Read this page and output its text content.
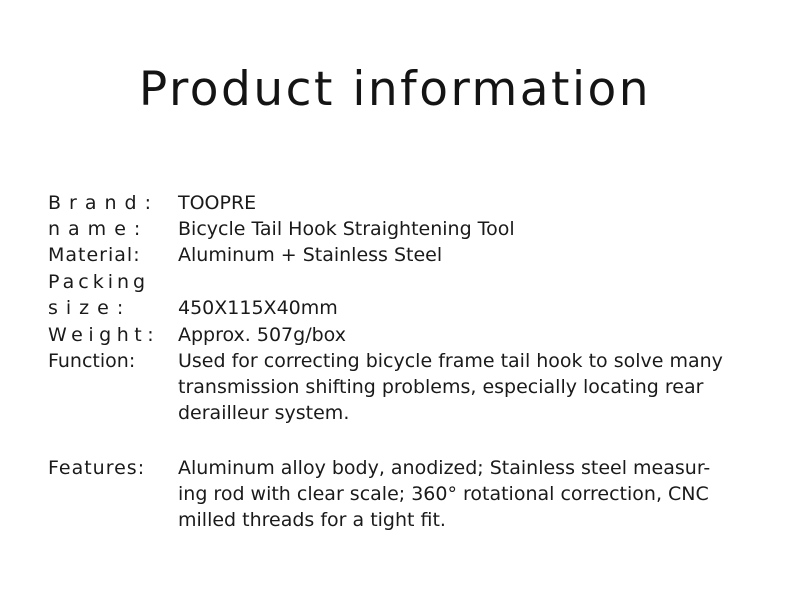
Product information
Brand: TOOPRE
name:	Bicycle Tail Hook Straightening Tool
Material:	Aluminum + Stainless Steel
Packing
size:	450X115X40mm
Weight: Approx. 507g/box
Function:	Used for correcting bicycle frame tail hook to solve many
transmission shifting problems, especially locating rear
derailleur system.
Features:	Aluminum alloy body, anodized; Stainless steel measur-
ing rod with clear scale; 360° rotational correction, CNC
milled threads for a tight fit.
